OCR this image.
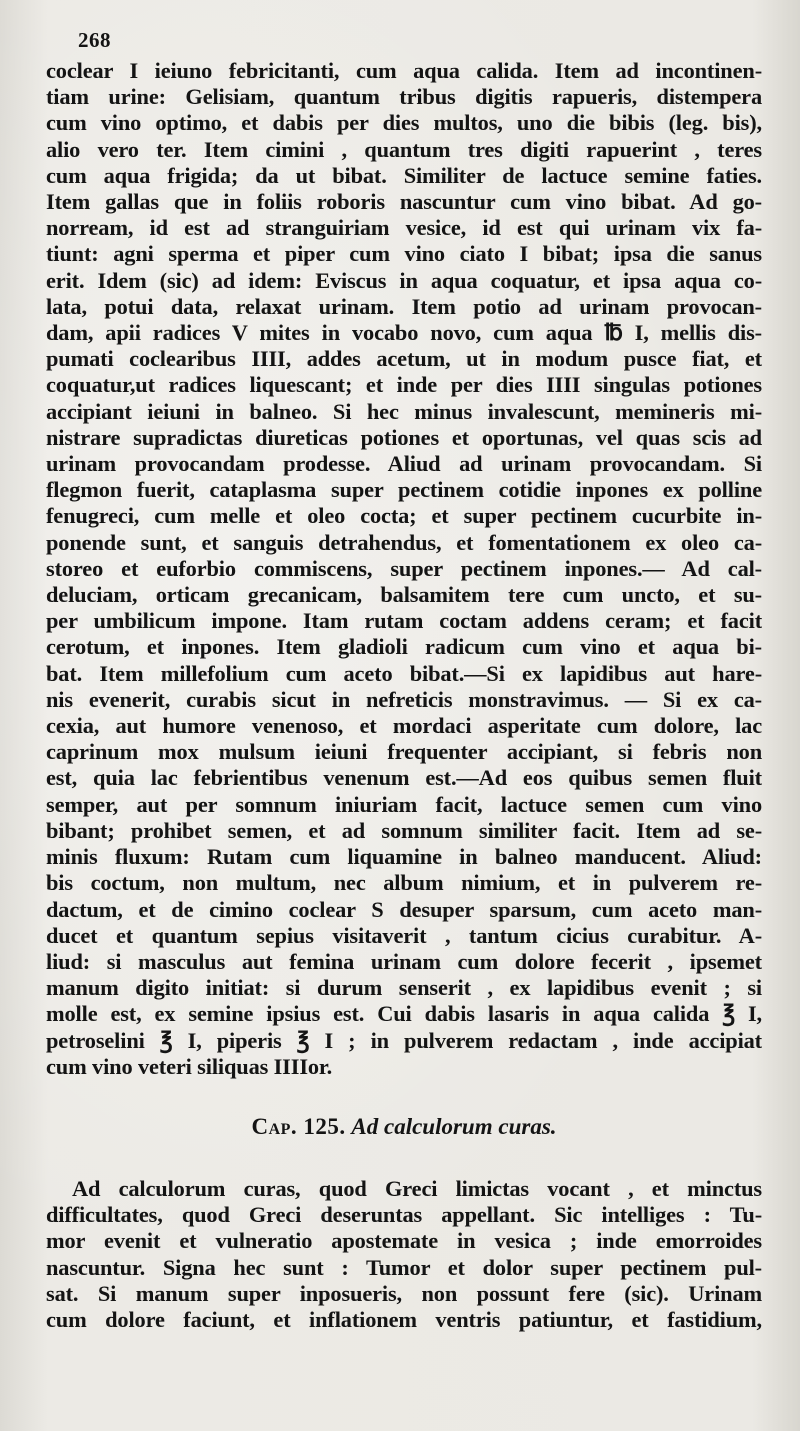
268
coclear I ieiuno febricitanti, cum aqua calida. Item ad incontinen-
tiam urine: Gelisiam, quantum tribus digitis rapueris, distempera
cum vino optimo, et dabis per dies multos, uno die bibis (leg. bis),
alio vero ter. Item cimini , quantum tres digiti rapuerint , teres
cum aqua frigida; da ut bibat. Similiter de lactuce semine faties.
Item gallas que in foliis roboris nascuntur cum vino bibat. Ad go-
norream, id est ad stranguiriam vesice, id est qui urinam vix fa-
tiunt: agni sperma et piper cum vino ciato I bibat; ipsa die sanus
erit. Idem (sic) ad idem: Eviscus in aqua coquatur, et ipsa aqua co-
lata, potui data, relaxat urinam. Item potio ad urinam provocan-
dam, apii radices V mites in vocabo novo, cum aqua ℔ I, mellis dis-
pumati coclearibus IIII, addes acetum, ut in modum pusce fiat, et
coquatur,ut radices liquescant; et inde per dies IIII singulas potiones
accipiant ieiuni in balneo. Si hec minus invalescunt, memineris mi-
nistrare supradictas diureticas potiones et oportunas, vel quas scis ad
urinam provocandam prodesse. Aliud ad urinam provocandam. Si
flegmon fuerit, cataplasma super pectinem cotidie inpones ex polline
fenugreci, cum melle et oleo cocta; et super pectinem cucurbite in-
ponende sunt, et sanguis detrahendus, et fomentationem ex oleo ca-
storeo et euforbio commiscens, super pectinem inpones.— Ad cal-
deluciam, orticam grecanicam, balsamitem tere cum uncto, et su-
per umbilicum impone. Itam rutam coctam addens ceram; et facit
cerotum, et inpones. Item gladioli radicum cum vino et aqua bi-
bat. Item millefolium cum aceto bibat.—Si ex lapidibus aut hare-
nis evenerit, curabis sicut in nefreticis monstravimus. — Si ex ca-
cexia, aut humore venenoso, et mordaci asperitate cum dolore, lac
caprinum mox mulsum ieiuni frequenter accipiant, si febris non
est, quia lac febrientibus venenum est.—Ad eos quibus semen fluit
semper, aut per somnum iniuriam facit, lactuce semen cum vino
bibant; prohibet semen, et ad somnum similiter facit. Item ad se-
minis fluxum: Rutam cum liquamine in balneo manducent. Aliud:
bis coctum, non multum, nec album nimium, et in pulverem re-
dactum, et de cimino coclear S desuper sparsum, cum aceto man-
ducet et quantum sepius visitaverit , tantum cicius curabitur. A-
liud: si masculus aut femina urinam cum dolore fecerit , ipsemet
manum digito initiat: si durum senserit , ex lapidibus evenit ; si
molle est, ex semine ipsius est. Cui dabis lasaris in aqua calida ℥ I,
petroselini ℥ I, piperis ℥ I ; in pulverem redactam , inde accipiat
cum vino veteri siliquas IIIIor.
Cap. 125. Ad calculorum curas.
Ad calculorum curas, quod Greci limictas vocant , et minctus
difficultates, quod Greci deseruntas appellant. Sic intelliges : Tu-
mor evenit et vulneratio apostemate in vesica ; inde emorroides
nascuntur. Signa hec sunt : Tumor et dolor super pectinem pul-
sat. Si manum super inposueris, non possunt fere (sic). Urinam
cum dolore faciunt, et inflationem ventris patiuntur, et fastidium,
